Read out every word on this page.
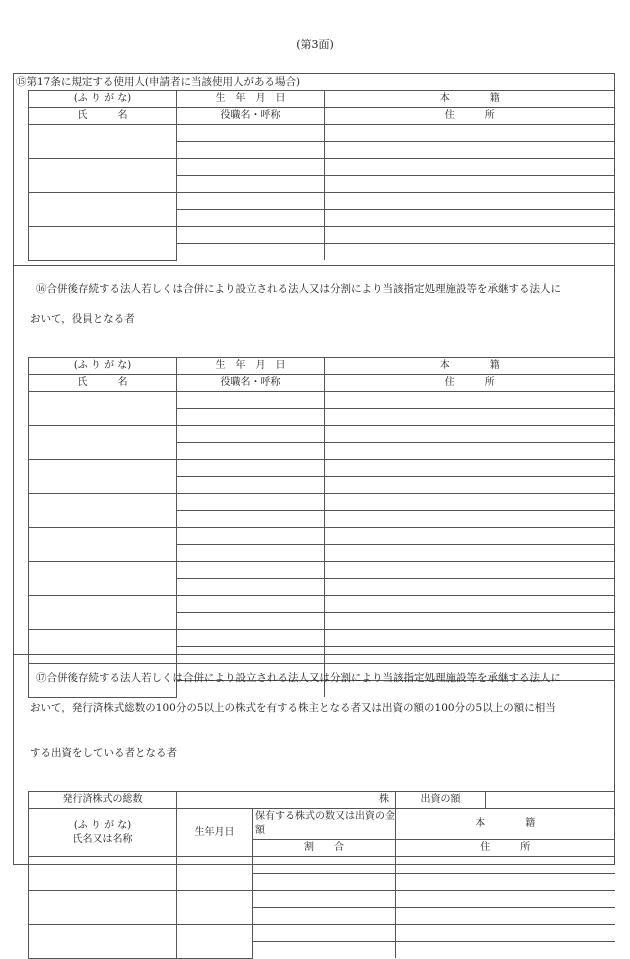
(第3面)
⑮第17条に規定する使用人(申請者に当該使用人がある場合)
(ふ り が な)	生　年　月　日	本　　　　籍
氏　　　名	役職名・呼称	住　　　所

⑯合併後存続する法人若しくは合併により設立される法人又は分割により当該指定処理施設等を承継する法人に

おいて，役員となる者

(ふ り が な)	生　年　月　日	本　　　　籍
氏　　　名	役職名・呼称	住　　　所

⑰合併後存続する法人若しくは合併により設立される法人又は分割により当該指定処理施設等を承継する法人に

おいて，発行済株式総数の100分の5以上の株式を有する株主となる者又は出資の額の100分の5以上の額に相当

する出資をしている者となる者

発行済株式の総数	株		出資の額	

(ふ り が な)
氏名又は名称	生年月日	保有する株式の数又は出資の金額	本　　　　籍	
		割　　合	住　　　所	
